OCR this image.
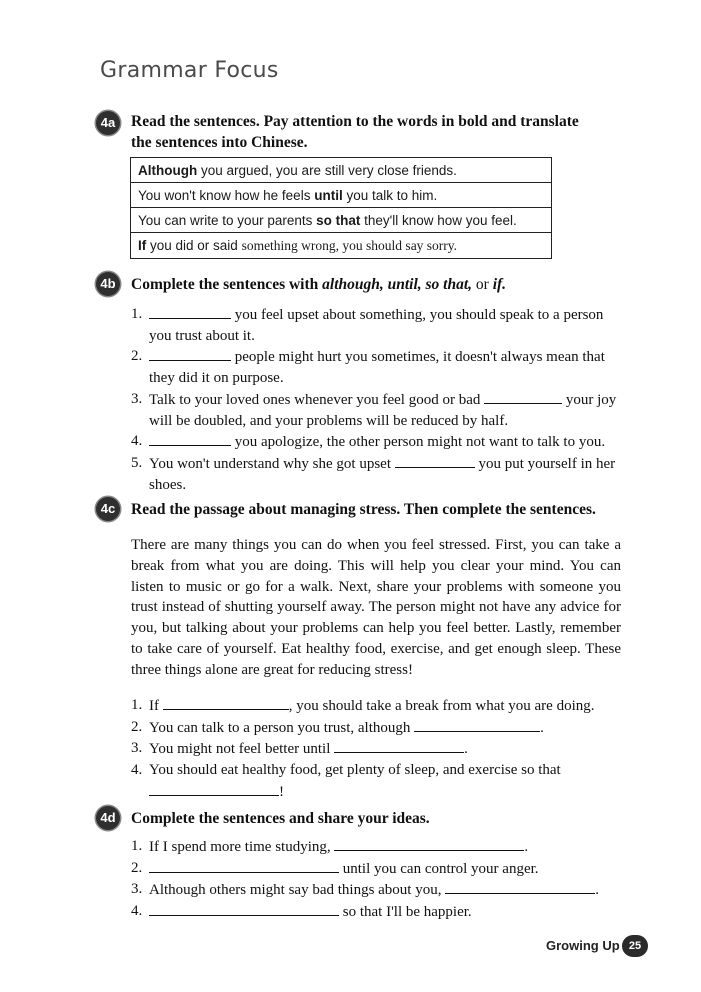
Grammar Focus
4a	Read the sentences. Pay attention to the words in bold and translate the sentences into Chinese.
Although you argued, you are still very close friends.
You won't know how he feels until you talk to him.
You can write to your parents so that they'll know how you feel.
If you did or said something wrong, you should say sorry.
4b Complete the sentences with although, until, so that, or if.
1.	you feel upset about something, you should speak to a person you trust about it.
2.	people might hurt you sometimes, it doesn't always mean that they did it on purpose.
3. Talk to your loved ones whenever you feel good or bad	your joy will be doubled, and your problems will be reduced by half.
4.	you apologize, the other person might not want to talk to you.
5. You won't understand why she got upset	you put yourself in her shoes.
4c	Read the passage about managing stress. Then complete the sentences.
There are many things you can do when you feel stressed. First, you can take a break from what you are doing. This will help you clear your mind. You can listen to music or go for a walk. Next, share your problems with someone you trust instead of shutting yourself away. The person might not have any advice for you, but talking about your problems can help you feel better. Lastly, remember to take care of yourself. Eat healthy food, exercise, and get enough sleep. These three things alone are great for reducing stress!
1. If	, you should take a break from what you are doing.
2. You can talk to a person you trust, although	.
3. You might not feel better until	.
4. You should eat healthy food, get plenty of sleep, and exercise so that !
4d Complete the sentences and share your ideas.
1. If I spend more time studying,	.
2.	until you can control your anger.
3. Although others might say bad things about you,	.
4.	so that I'll be happier.
Growing Up 25
